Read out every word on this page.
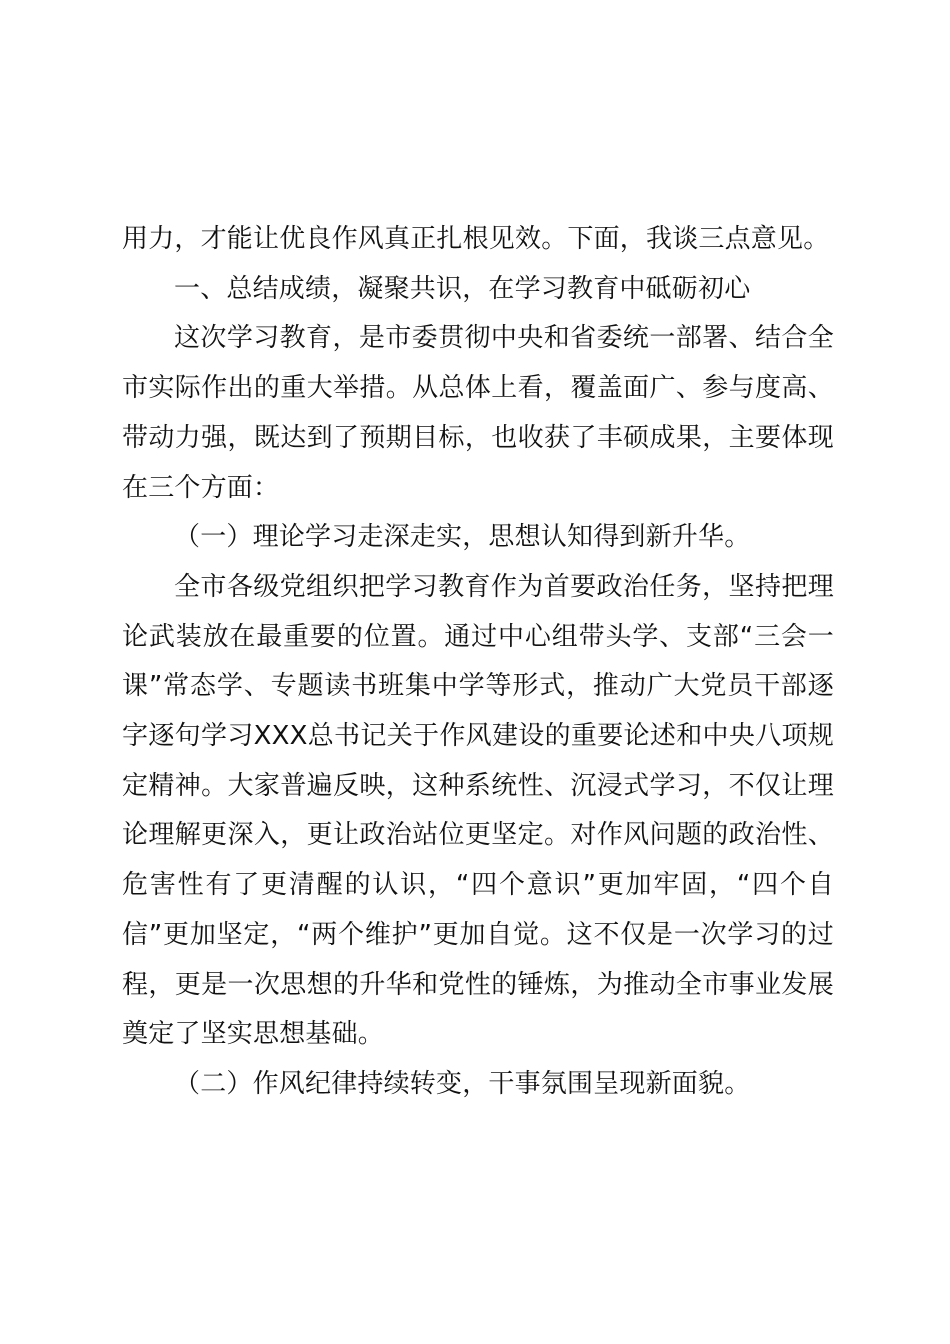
用力，才能让优良作风真正扎根见效。下面，我谈三点意见。

一、总结成绩，凝聚共识，在学习教育中砥砺初心

这次学习教育，是市委贯彻中央和省委统一部署、结合全市实际作出的重大举措。从总体上看，覆盖面广、参与度高、带动力强，既达到了预期目标，也收获了丰硕成果，主要体现在三个方面：

（一）理论学习走深走实，思想认知得到新升华。

全市各级党组织把学习教育作为首要政治任务，坚持把理论武装放在最重要的位置。通过中心组带头学、支部“三会一课”常态学、专题读书班集中学等形式，推动广大党员干部逐字逐句学习XXX总书记关于作风建设的重要论述和中央八项规定精神。大家普遍反映，这种系统性、沉浸式学习，不仅让理论理解更深入，更让政治站位更坚定。对作风问题的政治性、危害性有了更清醒的认识，“四个意识”更加牢固，“四个自信”更加坚定，“两个维护”更加自觉。这不仅是一次学习的过程，更是一次思想的升华和党性的锤炼，为推动全市事业发展奠定了坚实思想基础。

（二）作风纪律持续转变，干事氛围呈现新面貌。
